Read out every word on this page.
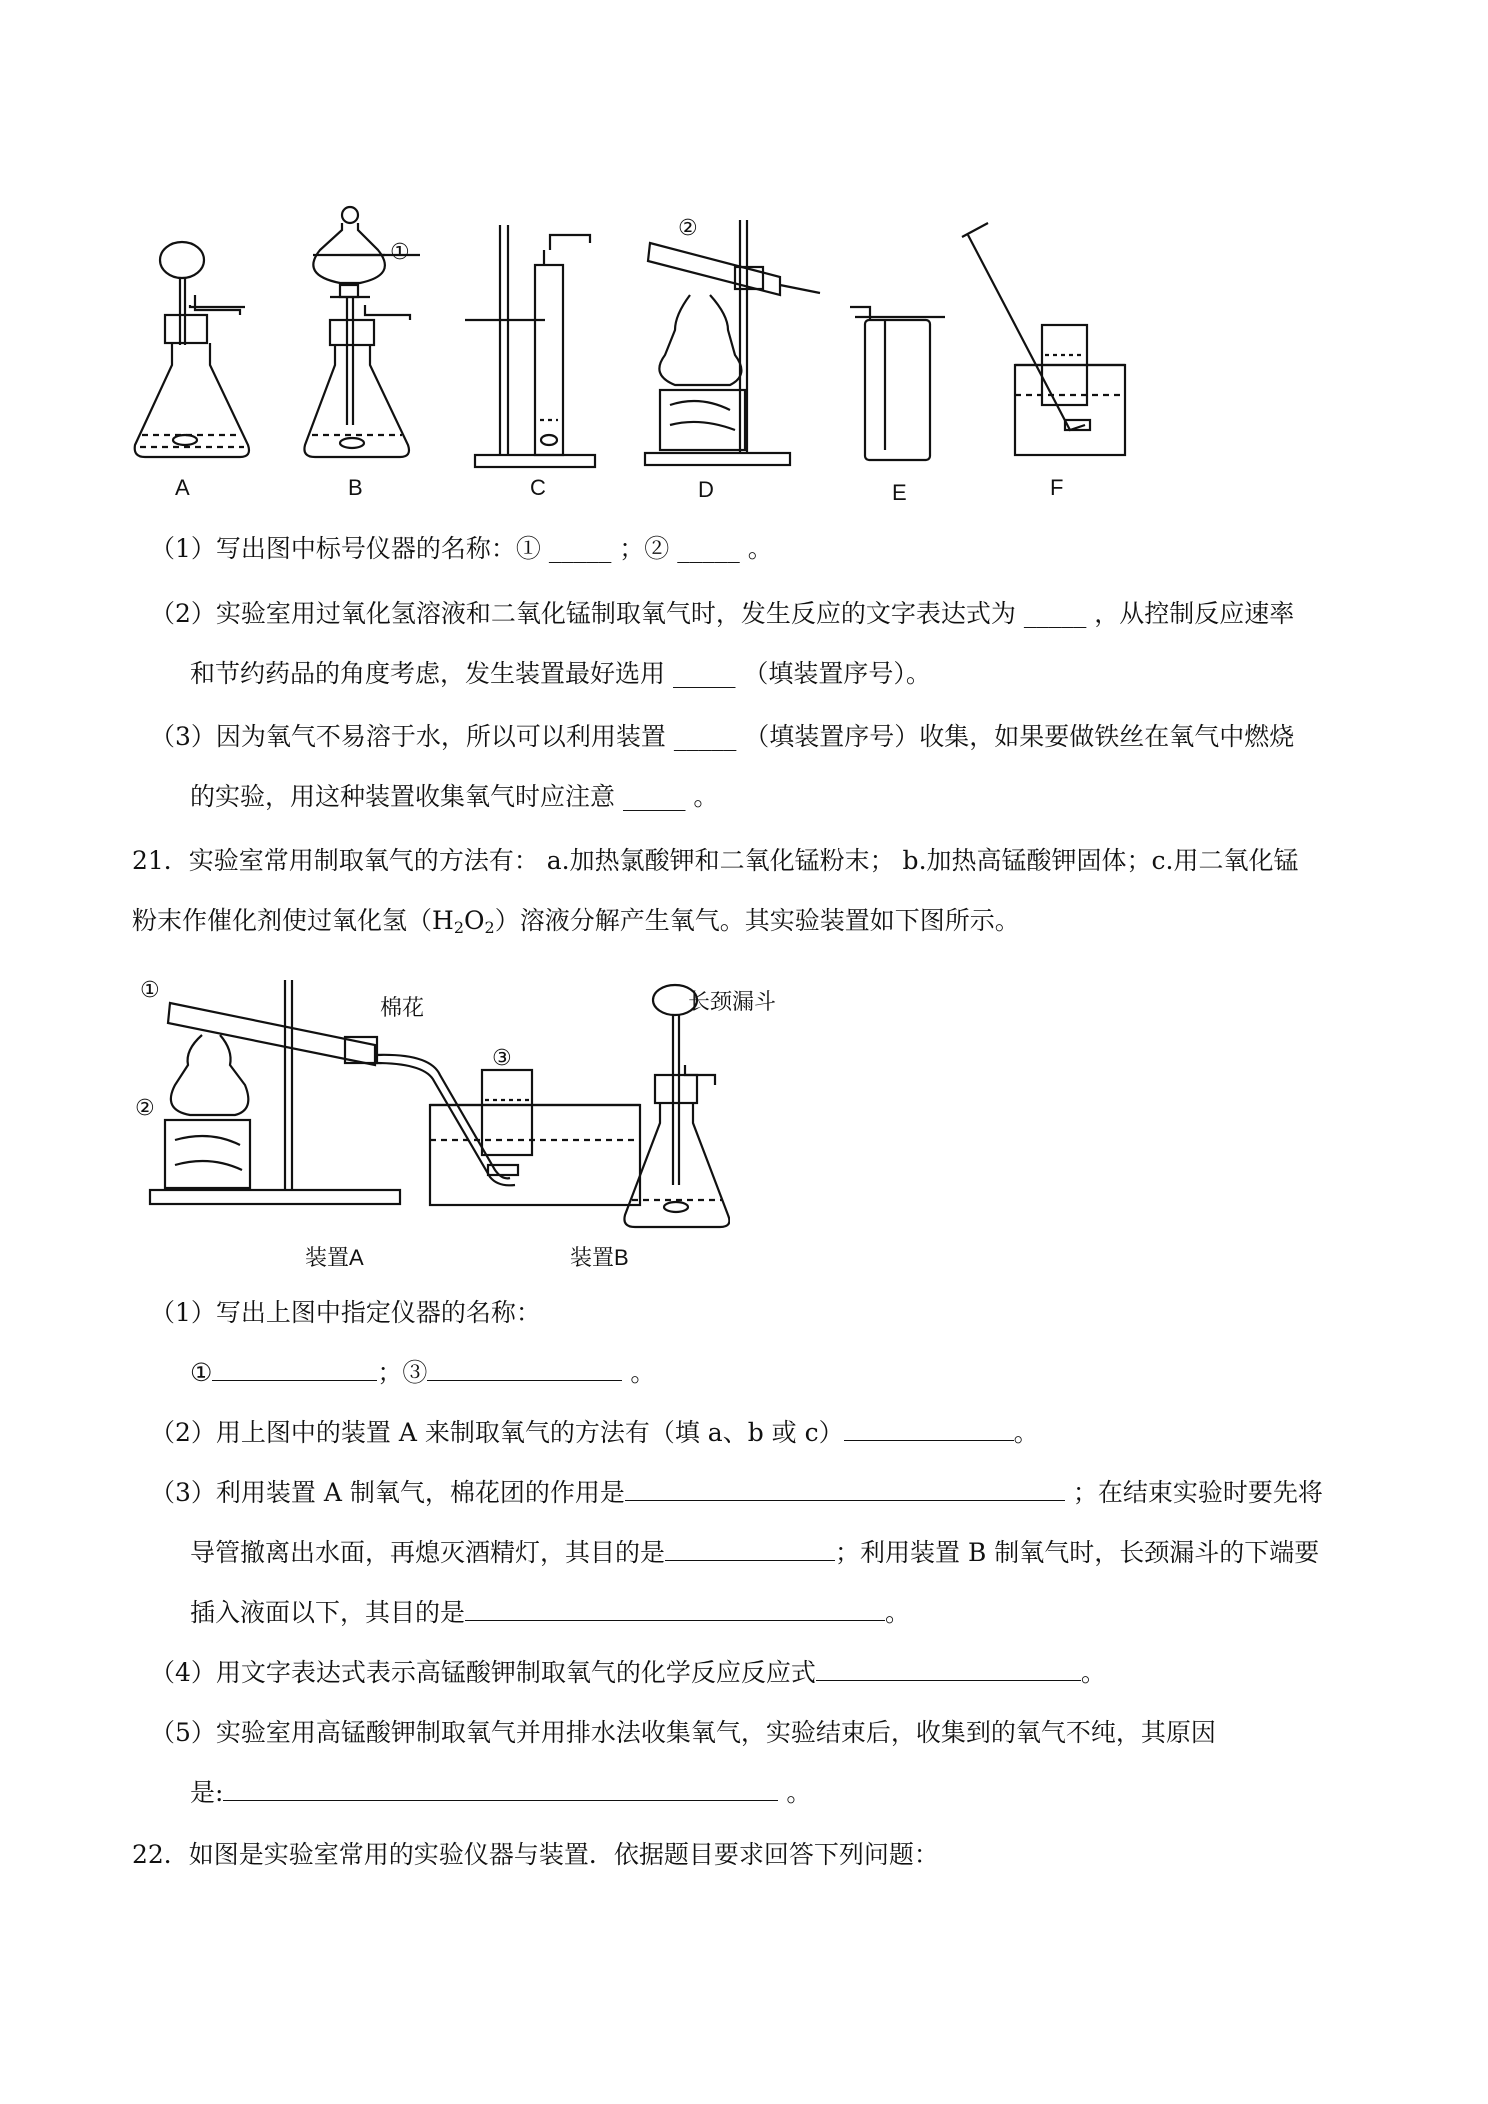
A
①
B	C
②
D	E	F
（1）写出图中标号仪器的名称：① _____ ；② _____ 。
（2）实验室用过氧化氢溶液和二氧化锰制取氧气时，发生反应的文字表达式为 _____ ，从控制反应速率
和节约药品的角度考虑，发生装置最好选用 _____ （填装置序号）。
（3）因为氧气不易溶于水，所以可以利用装置 _____ （填装置序号）收集，如果要做铁丝在氧气中燃烧
的实验，用这种装置收集氧气时应注意 _____ 。
21．实验室常用制取氧气的方法有： a.加热氯酸钾和二氧化锰粉末； b.加热高锰酸钾固体；c.用二氧化锰
粉末作催化剂使过氧化氢$(H_2O_2)$溶液分解产生氧气。其实验装置如下图所示。
①
②
③
棉花
装置A	装置B
长颈漏斗
（1）写出上图中指定仪器的名称：
①	；③	。
（2）用上图中的装置 A 来制取氧气的方法有（填 a、b 或 c）	。
（3）利用装置 A 制氧气，棉花团的作用是	；在结束实验时要先将
导管撤离出水面，再熄灭酒精灯，其目的是	；利用装置 B 制氧气时，长颈漏斗的下端要
插入液面以下，其目的是	。
（4）用文字表达式表示高锰酸钾制取氧气的化学反应反应式	。
（5）实验室用高锰酸钾制取氧气并用排水法收集氧气，实验结束后，收集到的氧气不纯，其原因
是:	。
22．如图是实验室常用的实验仪器与装置．依据题目要求回答下列问题：
